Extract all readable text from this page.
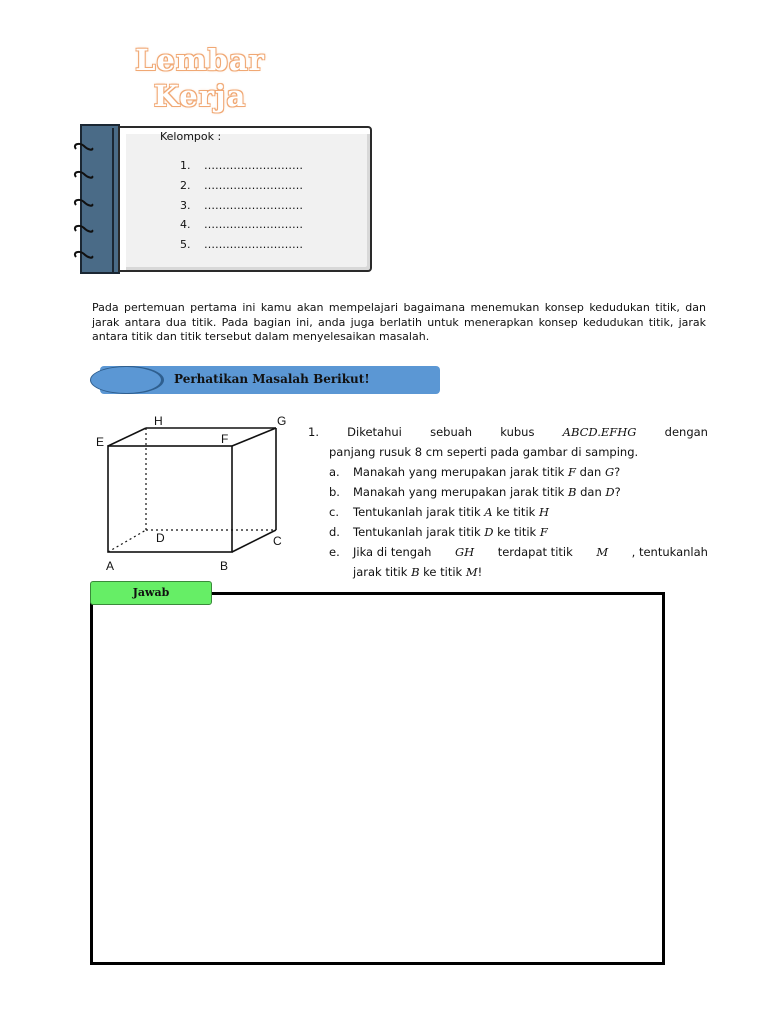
Lembar
Kerja
Kelompok :
1.	………………………
2.	………………………
3.	………………………
4.	………………………
5.	………………………

Pada pertemuan pertama ini kamu akan mempelajari bagaimana menemukan konsep kedudukan titik, dan jarak antara dua titik. Pada bagian ini, anda juga berlatih untuk menerapkan konsep kedudukan titik, jarak antara titik dan titik tersebut dalam menyelesaikan masalah.

Perhatikan Masalah Berikut!
H	G
E	F
D	C
A	B
1. Diketahui sebuah kubus ABCD.EFHG dengan
panjang rusuk 8 cm seperti pada gambar di samping.
a.	Manakah yang merupakan jarak titik F dan G?
b.	Manakah yang merupakan jarak titik B dan D?
c.	Tentukanlah jarak titik A ke titik H
d.	Tentukanlah jarak titik D ke titik F
e.	Jika di tengah GH terdapat titik M , tentukanlah
jarak titik B ke titik M!
Jawab
